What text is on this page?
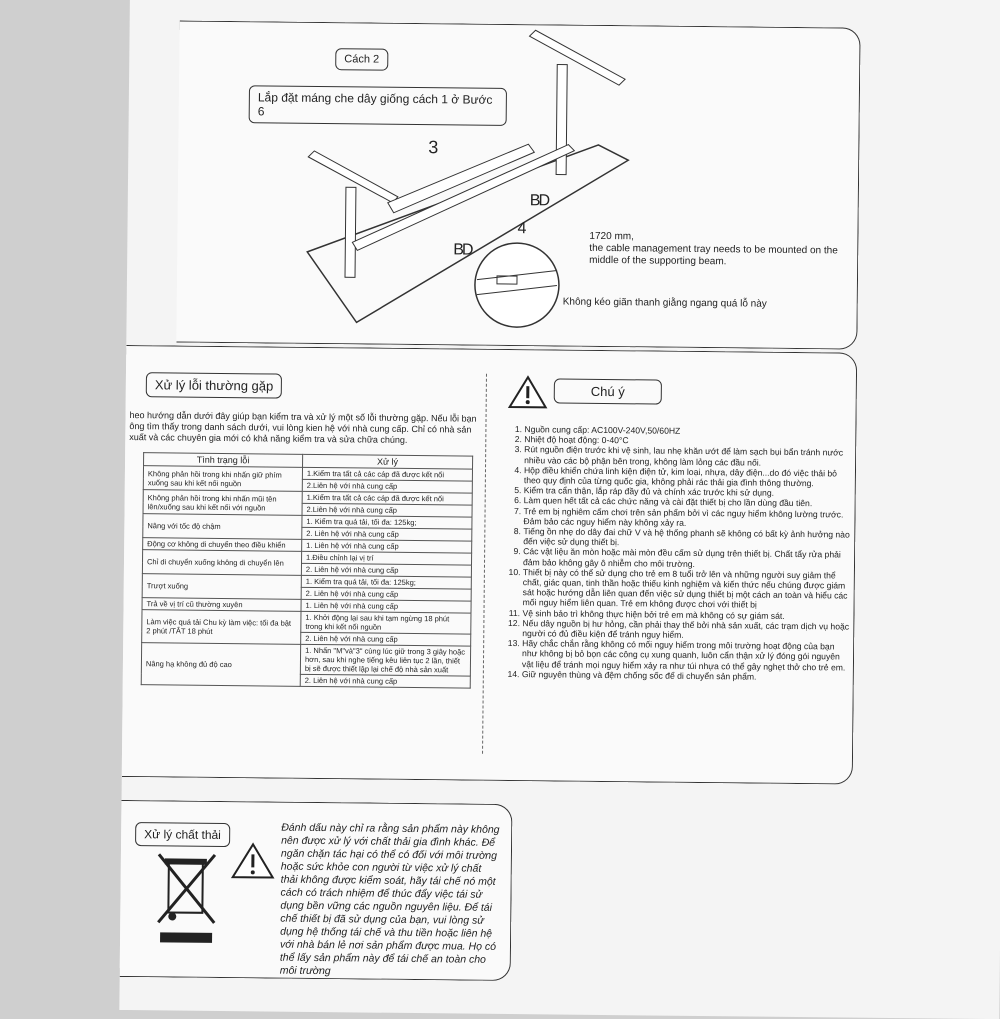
Cách 2
Lắp đặt máng che dây giống cách 1 ở Bước 6
3
4
BD
BD
1720 mm,
the cable management tray needs to be mounted on the middle of the supporting beam.
Không kéo giãn thanh giằng ngang quá lỗ này
Xử lý lỗi thường gặp
heo hướng dẫn dưới đây giúp bạn kiểm tra và xử lý một số lỗi thường gặp. Nếu lỗi bạn ông tìm thấy trong danh sách dưới, vui lòng kien hệ với nhà cung cấp. Chỉ có nhà sản xuất và các chuyên gia mới có khả năng kiểm tra và sửa chữa chúng.
Tình trạng lỗi	Xử lý
Không phản hồi trong khi nhấn giữ phím xuống sau khi kết nối nguồn	1.Kiểm tra tất cả các cáp đã được kết nối
	2.Liên hệ với nhà cung cấp
Không phản hồi trong khi nhấn mũi tên lên/xuống sau khi kết nối với nguồn	1.Kiểm tra tất cả các cáp đã được kết nối
	2.Liên hệ với nhà cung cấp
Nâng với tốc độ chậm	1. Kiểm tra quá tải, tối đa: 125kg;
	2. Liên hệ với nhà cung cấp
Động cơ không di chuyển theo điều khiển	1. Liên hệ với nhà cung cấp
Chỉ di chuyển xuống không di chuyển lên	1.Điều chỉnh lại vị trí
	2. Liên hệ với nhà cung cấp
Trượt xuống	1. Kiểm tra quá tải, tối đa: 125kg;
	2. Liên hệ với nhà cung cấp
Trả về vị trí cũ thường xuyên	1. Liên hệ với nhà cung cấp
Làm việc quá tải Chu kỳ làm việc: tối đa bật 2 phút /TẮT 18 phút	1. Khởi động lại sau khi tạm ngừng 18 phút trong khi kết nối nguồn
	2. Liên hệ với nhà cung cấp
Nâng hạ không đủ độ cao	1. Nhấn "M"và"3" cùng lúc giữ trong 3 giây hoặc hơn, sau khi nghe tiếng kêu liên tục 2 lần, thiết bị sẽ được thiết lập lại chế độ nhà sản xuất
	2. Liên hệ với nhà cung cấp
Chú ý
1. Nguồn cung cấp: AC100V-240V,50/60HZ
2. Nhiệt độ hoạt động: 0-40°C
3. Rút nguồn điện trước khi vệ sinh, lau nhẹ khăn ướt để làm sạch bụi bẩn tránh nước nhiều vào các bộ phận bên trong, không làm lỏng các đầu nối.
4. Hộp điều khiển chứa linh kiện điện tử, kim loại, nhựa, dây điện...do đó việc thải bỏ theo quy định của từng quốc gia, không phải rác thải gia đình thông thường.
5. Kiểm tra cẩn thận, lắp ráp đầy đủ và chính xác trước khi sử dụng.
6. Làm quen hết tất cả các chức năng và cài đặt thiết bị cho lần dùng đầu tiên.
7. Trẻ em bị nghiêm cấm chơi trên sản phẩm bởi vì các nguy hiểm không lường trước. Đảm bảo các nguy hiểm này không xảy ra.
8. Tiếng ồn nhẹ do dây đai chữ V và hệ thống phanh sẽ không có bất kỳ ảnh hưởng nào đến việc sử dụng thiết bị.
9. Các vật liệu ăn mòn hoặc mài mòn đều cấm sử dụng trên thiết bị. Chất tẩy rửa phải đảm bảo không gây ô nhiễm cho môi trường.
10. Thiết bị này có thể sử dụng cho trẻ em 8 tuổi trở lên và những người suy giảm thể chất, giác quan, tinh thần hoặc thiếu kinh nghiệm và kiến thức nếu chúng được giám sát hoặc hướng dẫn liên quan đến việc sử dụng thiết bị một cách an toàn và hiểu các mối nguy hiểm liên quan. Trẻ em không được chơi với thiết bị
11. Vệ sinh bảo trì không thực hiện bởi trẻ em mà không có sự giám sát.
12. Nếu dây nguồn bị hư hỏng, cần phải thay thế bởi nhà sản xuất, các trạm dịch vụ hoặc người có đủ điều kiện để tránh nguy hiểm.
13. Hãy chắc chắn rằng không có mối nguy hiểm trong môi trường hoạt động của bạn như không bị bỏ bọn các công cụ xung quanh, luôn cẩn thận xử lý đóng gói nguyên vật liệu để tránh mọi nguy hiểm xảy ra như túi nhựa có thể gây nghẹt thở cho trẻ em.
14. Giữ nguyên thùng và đệm chống sốc để di chuyển sản phẩm.
Xử lý chất thải	Đánh dấu này chỉ ra rằng sản phẩm này không nên được xử lý với chất thải gia đình khác. Để ngăn chặn tác hại có thể có đối với môi trường hoặc sức khỏe con người từ việc xử lý chất thải không được kiểm soát, hãy tái chế nó một cách có trách nhiệm để thúc đẩy việc tái sử dụng bền vững các nguồn nguyên liệu. Để tái chế thiết bị đã sử dụng của bạn, vui lòng sử dụng hệ thống tái chế và thu tiền hoặc liên hệ với nhà bán lẻ nơi sản phẩm được mua. Họ có thể lấy sản phẩm này để tái chế an toàn cho môi trường
